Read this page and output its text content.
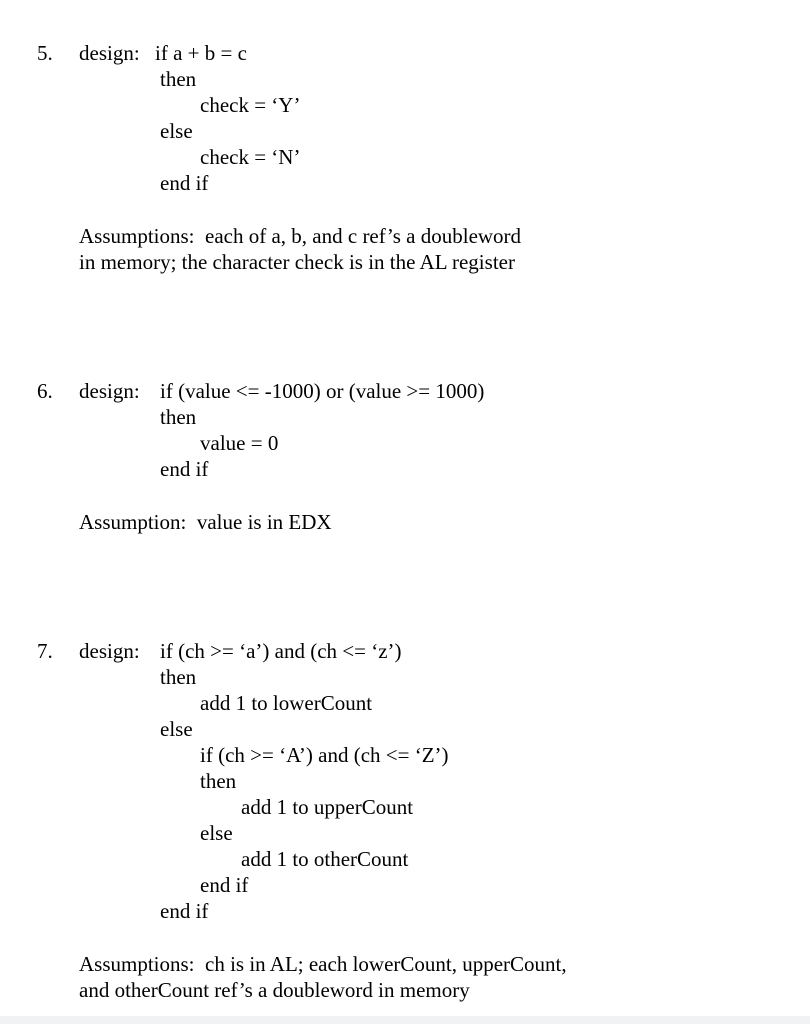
5. design: if a + b = c

then

check = ‘Y’

else

check = ‘N’

end if

Assumptions:  each of a, b, and c ref’s a doubleword

in memory; the character check is in the AL register

6. design: if (value <= -1000) or (value >= 1000)

then

value = 0

end if

Assumption:  value is in EDX

7. design: if (ch >= ‘a’) and (ch <= ‘z’)

then

add 1 to lowerCount

else

if (ch >= ‘A’) and (ch <= ‘Z’)

then

add 1 to upperCount

else

add 1 to otherCount

end if

end if

Assumptions:  ch is in AL; each lowerCount, upperCount,

and otherCount ref’s a doubleword in memory
